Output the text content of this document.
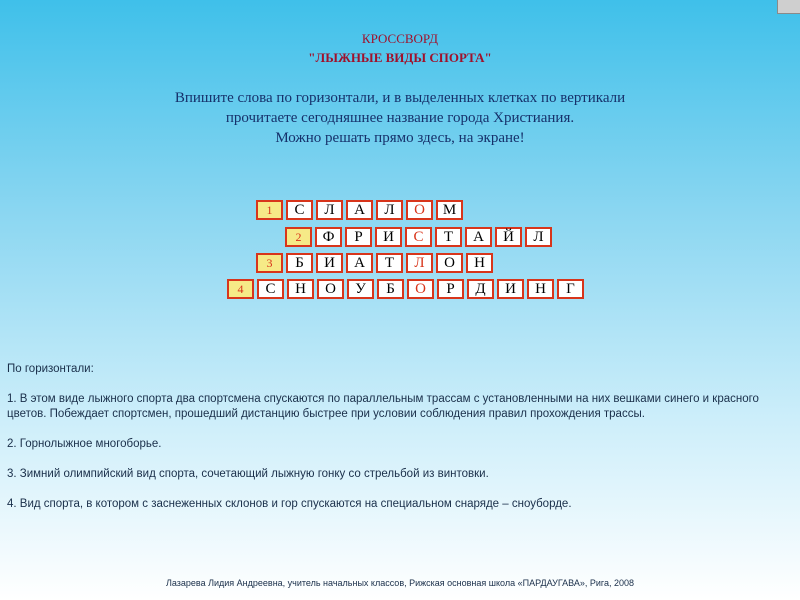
КРОССВОРД
"ЛЫЖНЫЕ ВИДЫ СПОРТА"
Впишите слова по горизонтали, и в выделенных клетках по вертикали
прочитаете сегодняшнее название города Христиания.
Можно решать прямо здесь, на экране!
1	С	Л	А	Л	О	М
2	Ф	Р	И	С	Т	А	Й	Л
3	Б	И	А	Т	Л	О	Н
4	С	Н	О	У	Б	О	Р	Д	И	Н	Г

По горизонтали:

1. В этом виде лыжного спорта два спортсмена спускаются по параллельным трассам с установленными на них вешками синего и красного цветов. Побеждает спортсмен, прошедший дистанцию быстрее при условии соблюдения правил прохождения трассы.

2. Горнолыжное многоборье.

3. Зимний олимпийский вид спорта, сочетающий лыжную гонку со стрельбой из винтовки.

4. Вид спорта, в котором с заснеженных склонов и гор спускаются на специальном снаряде – сноуборде.

Лазарева Лидия Андреевна, учитель начальных классов, Рижская основная школа «ПАРДАУГАВА», Рига, 2008
